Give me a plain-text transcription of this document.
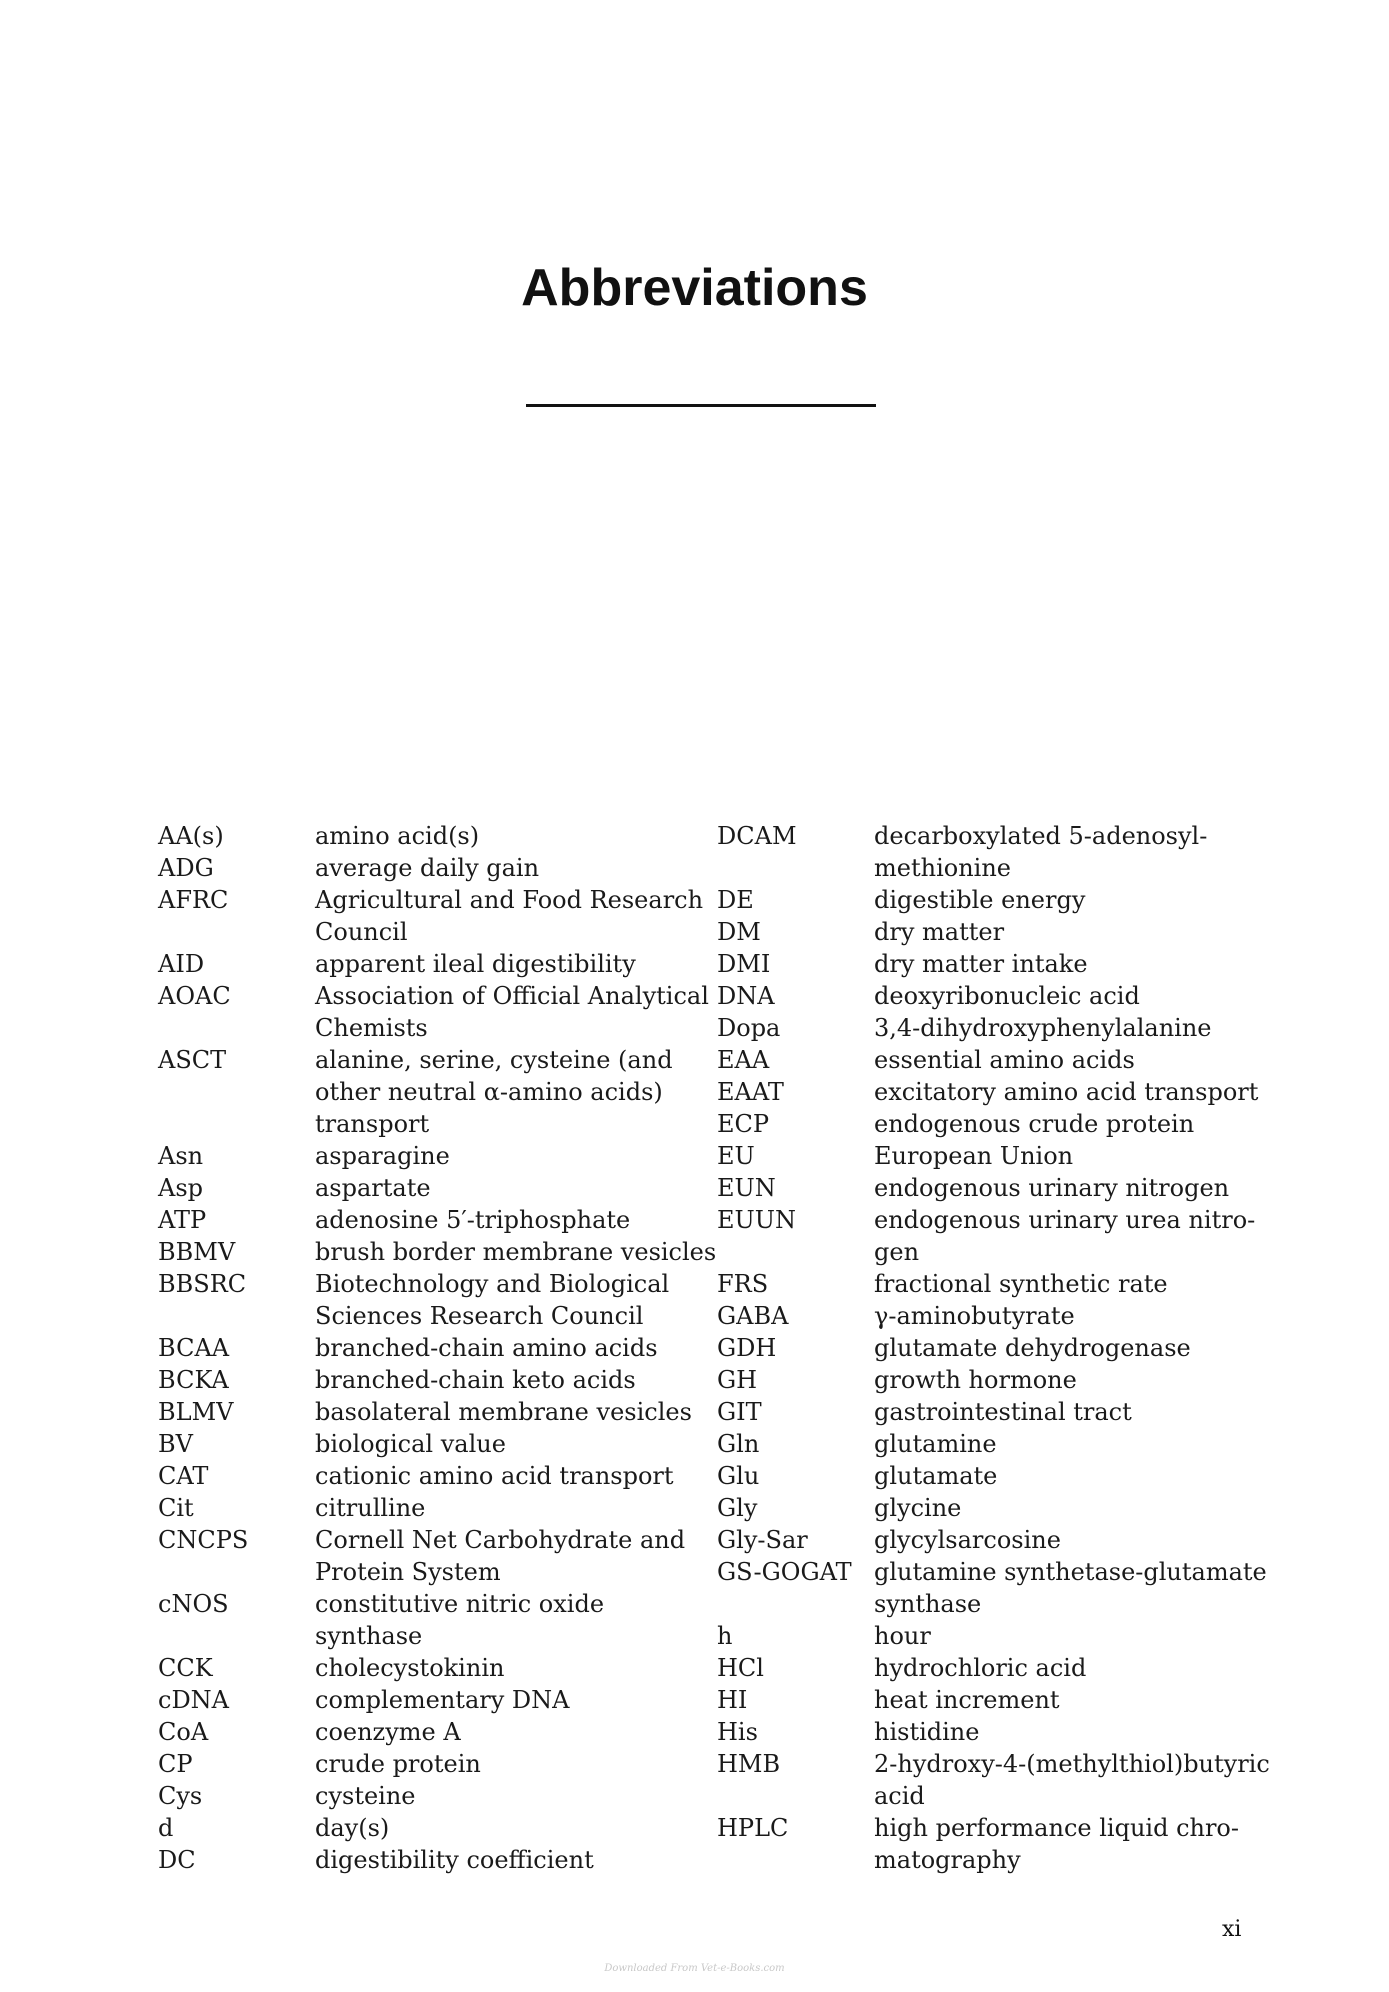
Abbreviations
AA(s)	amino acid(s)
ADG	average daily gain
AFRC	Agricultural and Food Research
Council
AID	apparent ileal digestibility
AOAC	Association of Official Analytical
Chemists
ASCT	alanine, serine, cysteine (and
other neutral α-amino acids)
transport
Asn	asparagine
Asp	aspartate
ATP	adenosine 5′-triphosphate
BBMV	brush border membrane vesicles
BBSRC	Biotechnology and Biological
Sciences Research Council
BCAA	branched-chain amino acids
BCKA	branched-chain keto acids
BLMV	basolateral membrane vesicles
BV	biological value
CAT	cationic amino acid transport
Cit	citrulline
CNCPS	Cornell Net Carbohydrate and
Protein System
cNOS	constitutive nitric oxide
synthase
CCK	cholecystokinin
cDNA	complementary DNA
CoA	coenzyme A
CP	crude protein
Cys	cysteine
d	day(s)
DC	digestibility coefficient
DCAM	decarboxylated 5-adenosyl-
methionine
DE	digestible energy
DM	dry matter
DMI	dry matter intake
DNA	deoxyribonucleic acid
Dopa	3,4-dihydroxyphenylalanine
EAA	essential amino acids
EAAT	excitatory amino acid transport
ECP	endogenous crude protein
EU	European Union
EUN	endogenous urinary nitrogen
EUUN	endogenous urinary urea nitro-
gen
FRS	fractional synthetic rate
GABA	γ-aminobutyrate
GDH	glutamate dehydrogenase
GH	growth hormone
GIT	gastrointestinal tract
Gln	glutamine
Glu	glutamate
Gly	glycine
Gly-Sar	glycylsarcosine
GS-GOGAT glutamine synthetase-glutamate
synthase
h	hour
HCl	hydrochloric acid
HI	heat increment
His	histidine
HMB	2-hydroxy-4-(methylthiol)butyric
acid
HPLC	high performance liquid chro-
matography
xi
Downloaded From Vet-e-Books.com
